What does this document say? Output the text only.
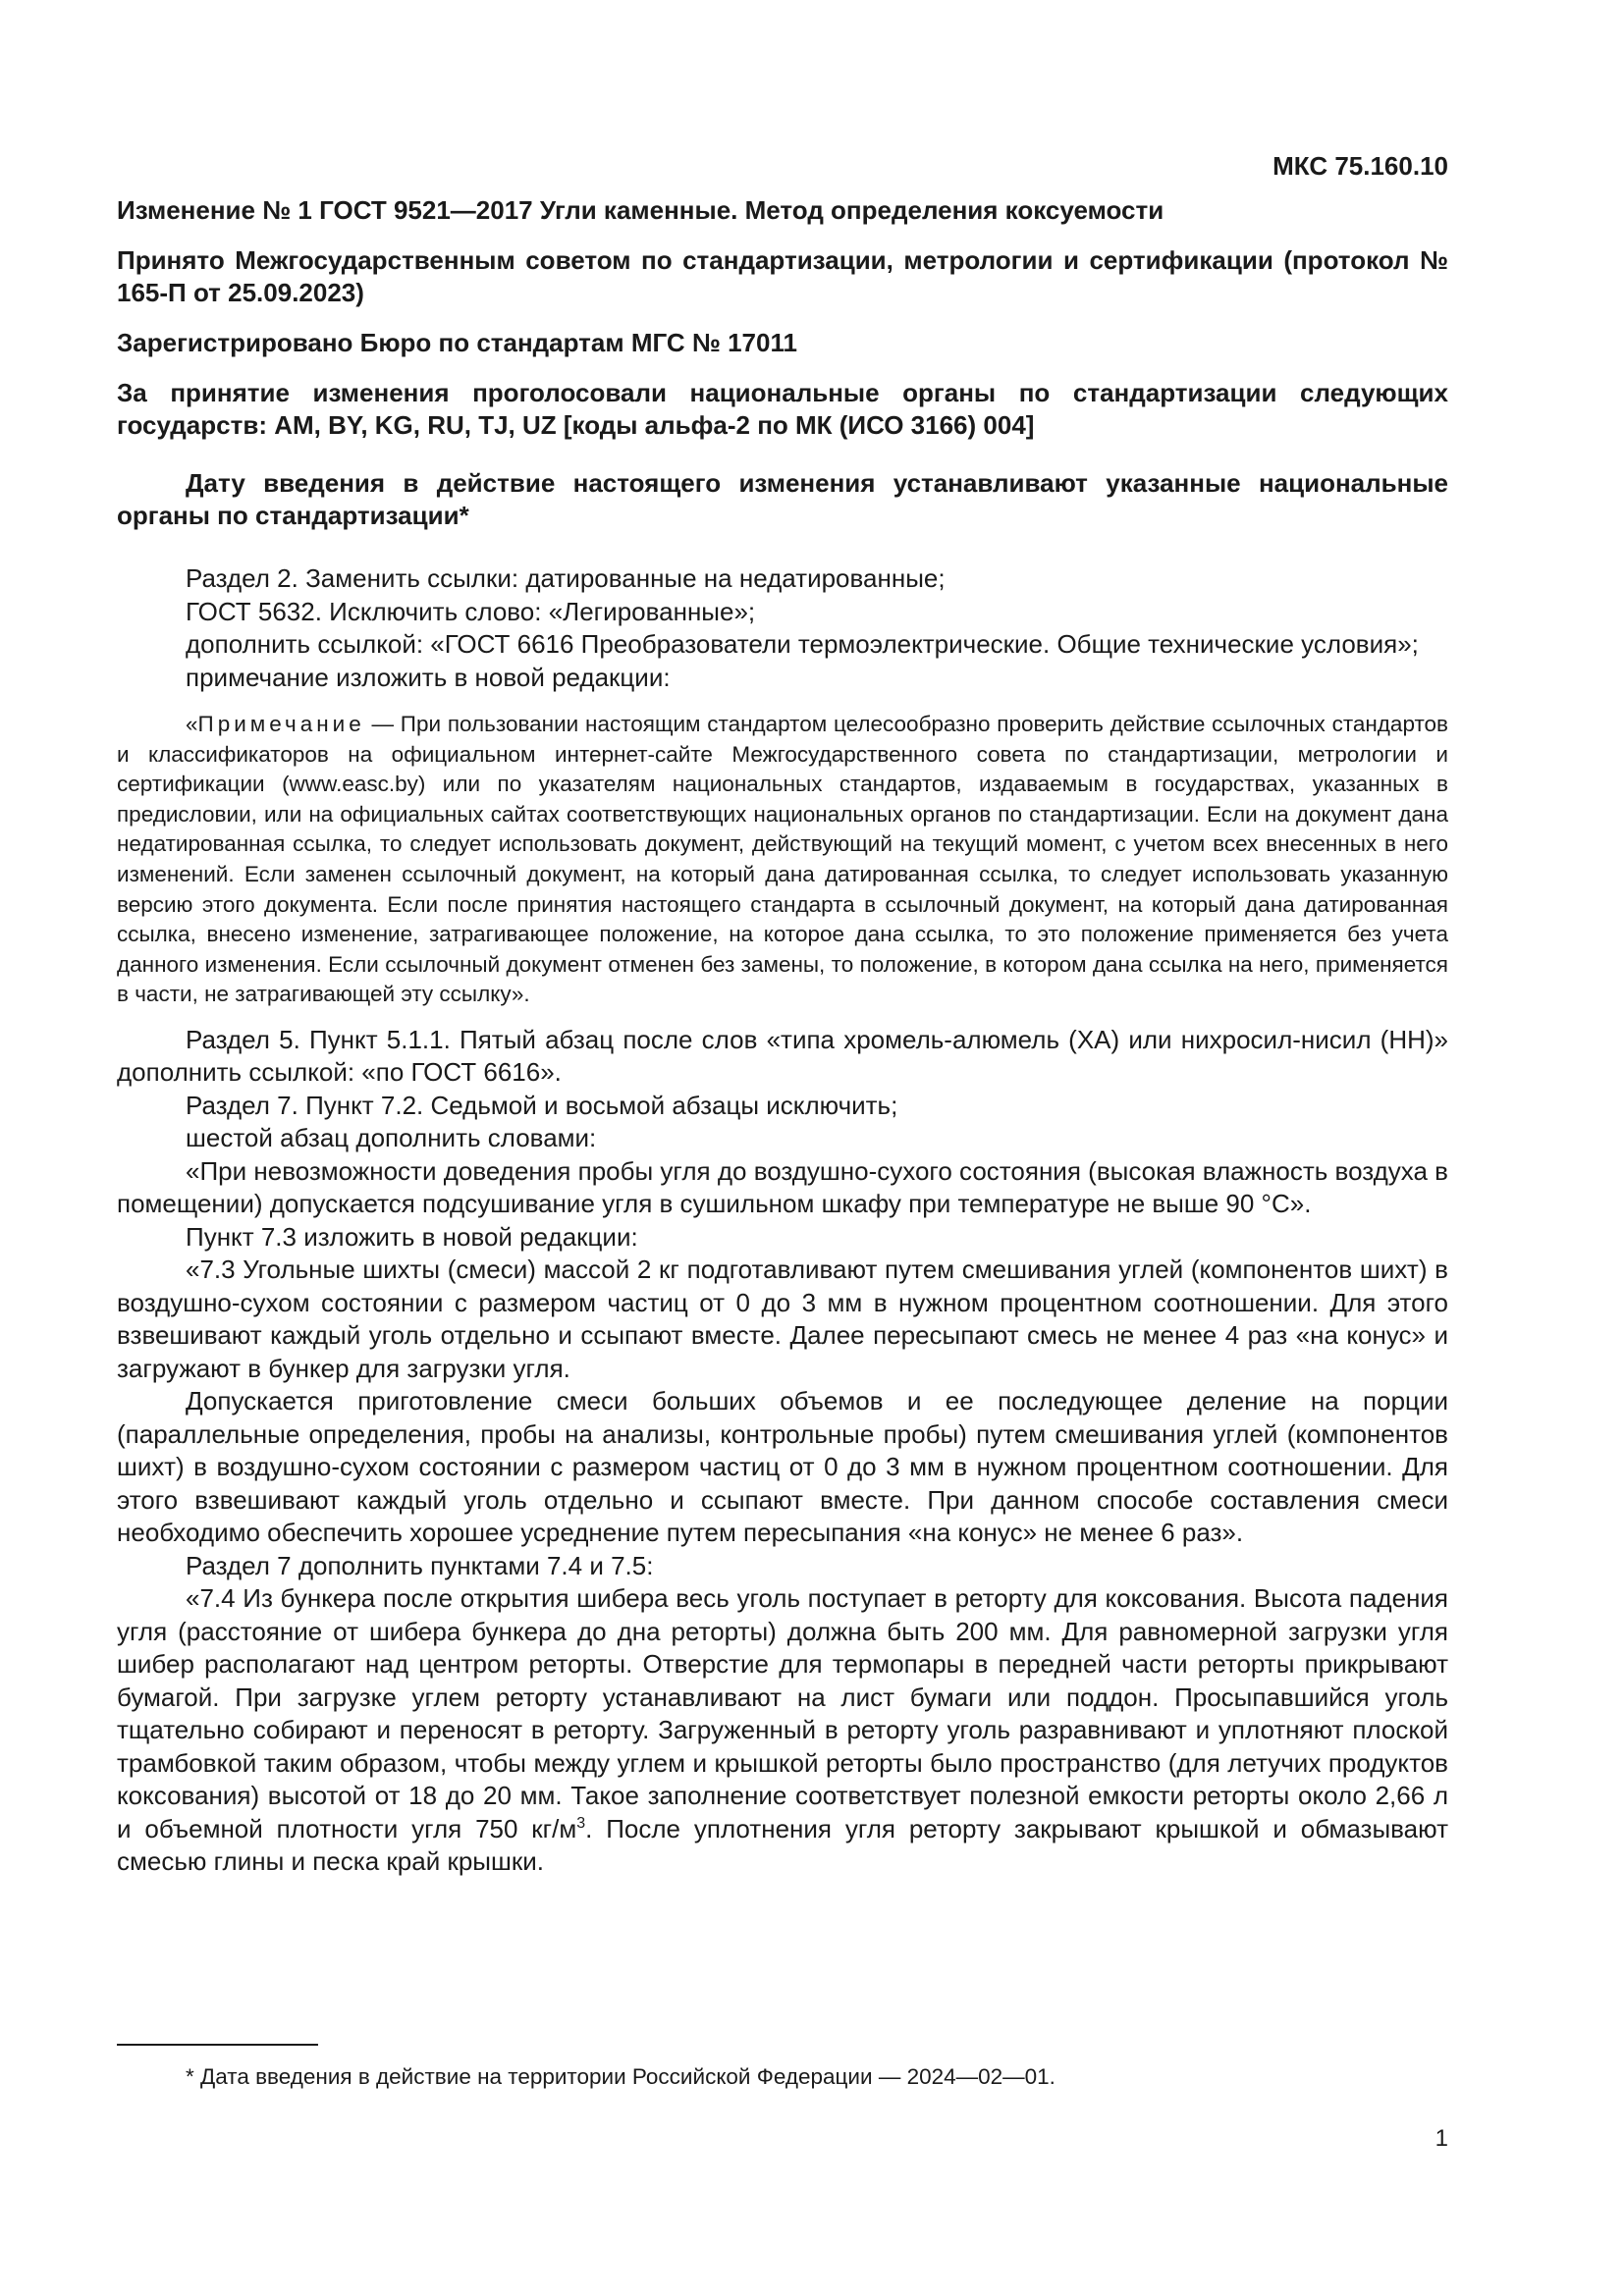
МКС 75.160.10

Изменение № 1 ГОСТ 9521—2017 Угли каменные. Метод определения коксуемости

Принято Межгосударственным советом по стандартизации, метрологии и сертификации (протокол № 165-П от 25.09.2023)

Зарегистрировано Бюро по стандартам МГС № 17011

За принятие изменения проголосовали национальные органы по стандартизации следующих государств: AM, BY, KG, RU, TJ, UZ [коды альфа-2 по МК (ИСО 3166) 004]

Дату введения в действие настоящего изменения устанавливают указанные национальные органы по стандартизации*

Раздел 2. Заменить ссылки: датированные на недатированные;

ГОСТ 5632. Исключить слово: «Легированные»;

дополнить ссылкой: «ГОСТ 6616 Преобразователи термоэлектрические. Общие технические условия»;

примечание изложить в новой редакции:

«Примечание — При пользовании настоящим стандартом целесообразно проверить действие ссылочных стандартов и классификаторов на официальном интернет-сайте Межгосударственного совета по стандартизации, метрологии и сертификации (www.easc.by) или по указателям национальных стандартов, издаваемым в государствах, указанных в предисловии, или на официальных сайтах соответствующих национальных органов по стандартизации. Если на документ дана недатированная ссылка, то следует использовать документ, действующий на текущий момент, с учетом всех внесенных в него изменений. Если заменен ссылочный документ, на который дана датированная ссылка, то следует использовать указанную версию этого документа. Если после принятия настоящего стандарта в ссылочный документ, на который дана датированная ссылка, внесено изменение, затрагивающее положение, на которое дана ссылка, то это положение применяется без учета данного изменения. Если ссылочный документ отменен без замены, то положение, в котором дана ссылка на него, применяется в части, не затрагивающей эту ссылку».

Раздел 5. Пункт 5.1.1. Пятый абзац после слов «типа хромель-алюмель (ХА) или нихросил-нисил (НН)» дополнить ссылкой: «по ГОСТ 6616».

Раздел 7. Пункт 7.2. Седьмой и восьмой абзацы исключить;

шестой абзац дополнить словами:

«При невозможности доведения пробы угля до воздушно-сухого состояния (высокая влажность воздуха в помещении) допускается подсушивание угля в сушильном шкафу при температуре не выше 90 °С».

Пункт 7.3 изложить в новой редакции:

«7.3 Угольные шихты (смеси) массой 2 кг подготавливают путем смешивания углей (компонентов шихт) в воздушно-сухом состоянии с размером частиц от 0 до 3 мм в нужном процентном соотношении. Для этого взвешивают каждый уголь отдельно и ссыпают вместе. Далее пересыпают смесь не менее 4 раз «на конус» и загружают в бункер для загрузки угля.

Допускается приготовление смеси больших объемов и ее последующее деление на порции (параллельные определения, пробы на анализы, контрольные пробы) путем смешивания углей (компонентов шихт) в воздушно-сухом состоянии с размером частиц от 0 до 3 мм в нужном процентном соотношении. Для этого взвешивают каждый уголь отдельно и ссыпают вместе. При данном способе составления смеси необходимо обеспечить хорошее усреднение путем пересыпания «на конус» не менее 6 раз».

Раздел 7 дополнить пунктами 7.4 и 7.5:

«7.4 Из бункера после открытия шибера весь уголь поступает в реторту для коксования. Высота падения угля (расстояние от шибера бункера до дна реторты) должна быть 200 мм. Для равномерной загрузки угля шибер располагают над центром реторты. Отверстие для термопары в передней части реторты прикрывают бумагой. При загрузке углем реторту устанавливают на лист бумаги или поддон. Просыпавшийся уголь тщательно собирают и переносят в реторту. Загруженный в реторту уголь разравнивают и уплотняют плоской трамбовкой таким образом, чтобы между углем и крышкой реторты было пространство (для летучих продуктов коксования) высотой от 18 до 20 мм. Такое заполнение соответствует полезной емкости реторты около 2,66 л и объемной плотности угля 750 $кг/м^3$. После уплотнения угля реторту закрывают крышкой и обмазывают смесью глины и песка край крышки.

* Дата введения в действие на территории Российской Федерации — 2024—02—01.
1
